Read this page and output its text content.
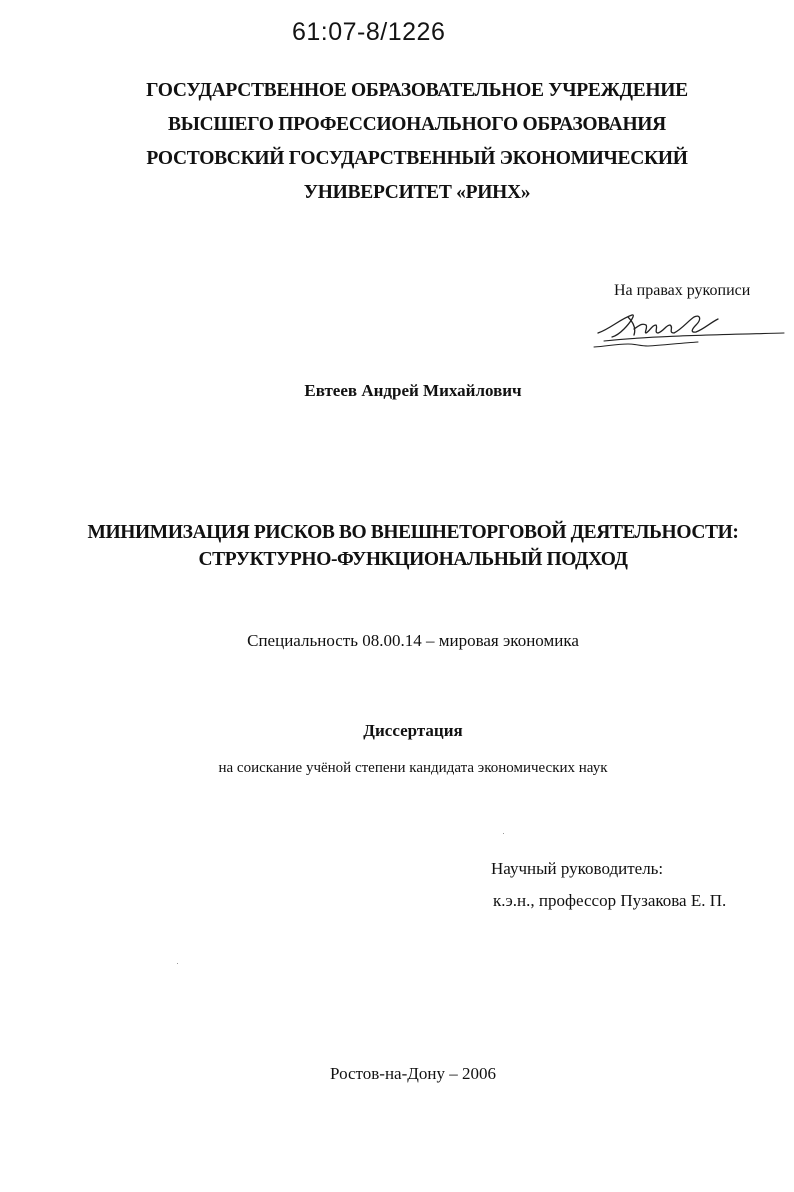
61:07-8/1226
ГОСУДАРСТВЕННОЕ ОБРАЗОВАТЕЛЬНОЕ УЧРЕЖДЕНИЕ
ВЫСШЕГО ПРОФЕССИОНАЛЬНОГО ОБРАЗОВАНИЯ
РОСТОВСКИЙ ГОСУДАРСТВЕННЫЙ ЭКОНОМИЧЕСКИЙ
УНИВЕРСИТЕТ «РИНХ»
На правах рукописи
Евтеев Андрей Михайлович
МИНИМИЗАЦИЯ РИСКОВ ВО ВНЕШНЕТОРГОВОЙ ДЕЯТЕЛЬНОСТИ:
СТРУКТУРНО-ФУНКЦИОНАЛЬНЫЙ ПОДХОД
Специальность 08.00.14 – мировая экономика
Диссертация
на соискание учёной степени кандидата экономических наук
Научный руководитель:
к.э.н., профессор Пузакова Е. П.
Ростов-на-Дону – 2006
